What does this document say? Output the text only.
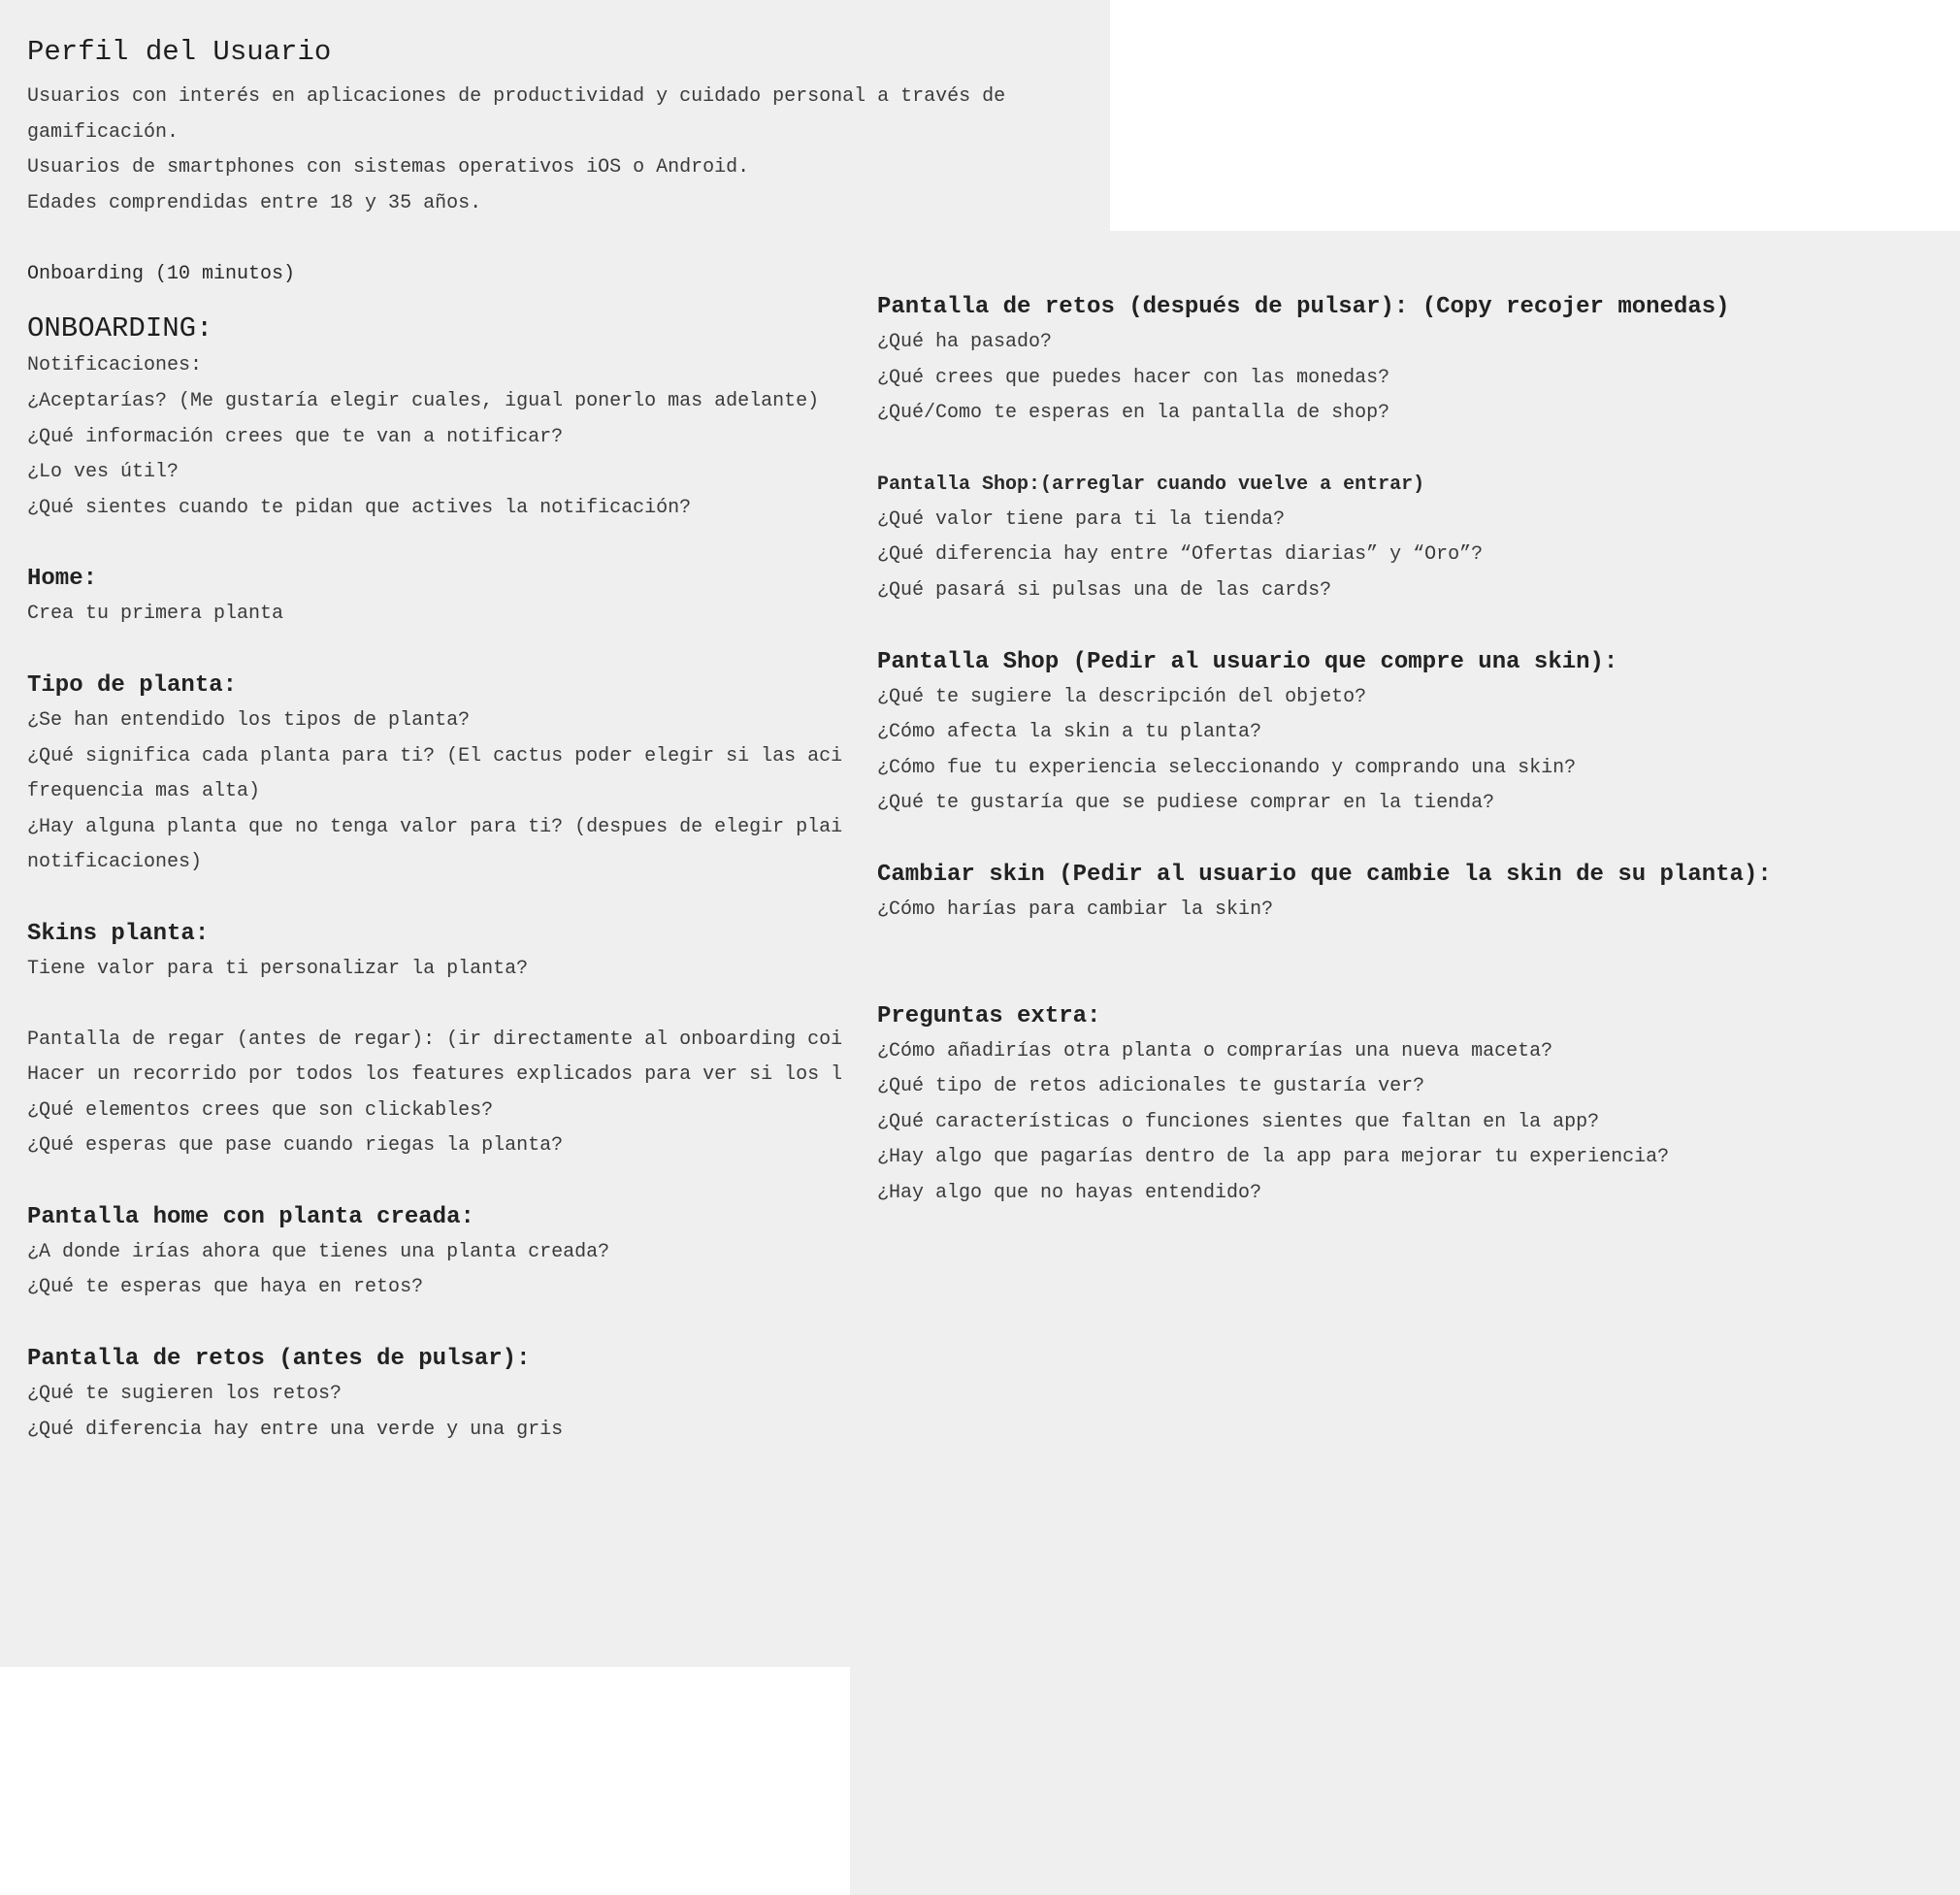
Perfil del Usuario
Usuarios con interés en aplicaciones de productividad y cuidado personal a través de
gamificación.
Usuarios de smartphones con sistemas operativos iOS o Android.
Edades comprendidas entre 18 y 35 años.
Onboarding (10 minutos)
ONBOARDING:
Notificaciones:
¿Aceptarías? (Me gustaría elegir cuales, igual ponerlo mas adelante)
¿Qué información crees que te van a notificar?
¿Lo ves útil?
¿Qué sientes cuando te pidan que actives la notificación?
Home:
Crea tu primera planta
Tipo de planta:
¿Se han entendido los tipos de planta?
¿Qué significa cada planta para ti? (El cactus poder elegir si las aci
frequencia mas alta)
¿Hay alguna planta que no tenga valor para ti? (despues de elegir plai
notificaciones)
Skins planta:
Tiene valor para ti personalizar la planta?
Pantalla de regar (antes de regar): (ir directamente al onboarding coi
Hacer un recorrido por todos los features explicados para ver si los l
¿Qué elementos crees que son clickables?
¿Qué esperas que pase cuando riegas la planta?
Pantalla home con planta creada:
¿A donde irías ahora que tienes una planta creada?
¿Qué te esperas que haya en retos?
Pantalla de retos (antes de pulsar):
¿Qué te sugieren los retos?
¿Qué diferencia hay entre una verde y una gris
Pantalla de retos (después de pulsar): (Copy recojer monedas)
¿Qué ha pasado?
¿Qué crees que puedes hacer con las monedas?
¿Qué/Como te esperas en la pantalla de shop?
Pantalla Shop:(arreglar cuando vuelve a entrar)
¿Qué valor tiene para ti la tienda?
¿Qué diferencia hay entre “Ofertas diarias” y “Oro”?
¿Qué pasará si pulsas una de las cards?
Pantalla Shop (Pedir al usuario que compre una skin):
¿Qué te sugiere la descripción del objeto?
¿Cómo afecta la skin a tu planta?
¿Cómo fue tu experiencia seleccionando y comprando una skin?
¿Qué te gustaría que se pudiese comprar en la tienda?
Cambiar skin (Pedir al usuario que cambie la skin de su planta):
¿Cómo harías para cambiar la skin?
Preguntas extra:
¿Cómo añadirías otra planta o comprarías una nueva maceta?
¿Qué tipo de retos adicionales te gustaría ver?
¿Qué características o funciones sientes que faltan en la app?
¿Hay algo que pagarías dentro de la app para mejorar tu experiencia?
¿Hay algo que no hayas entendido?
